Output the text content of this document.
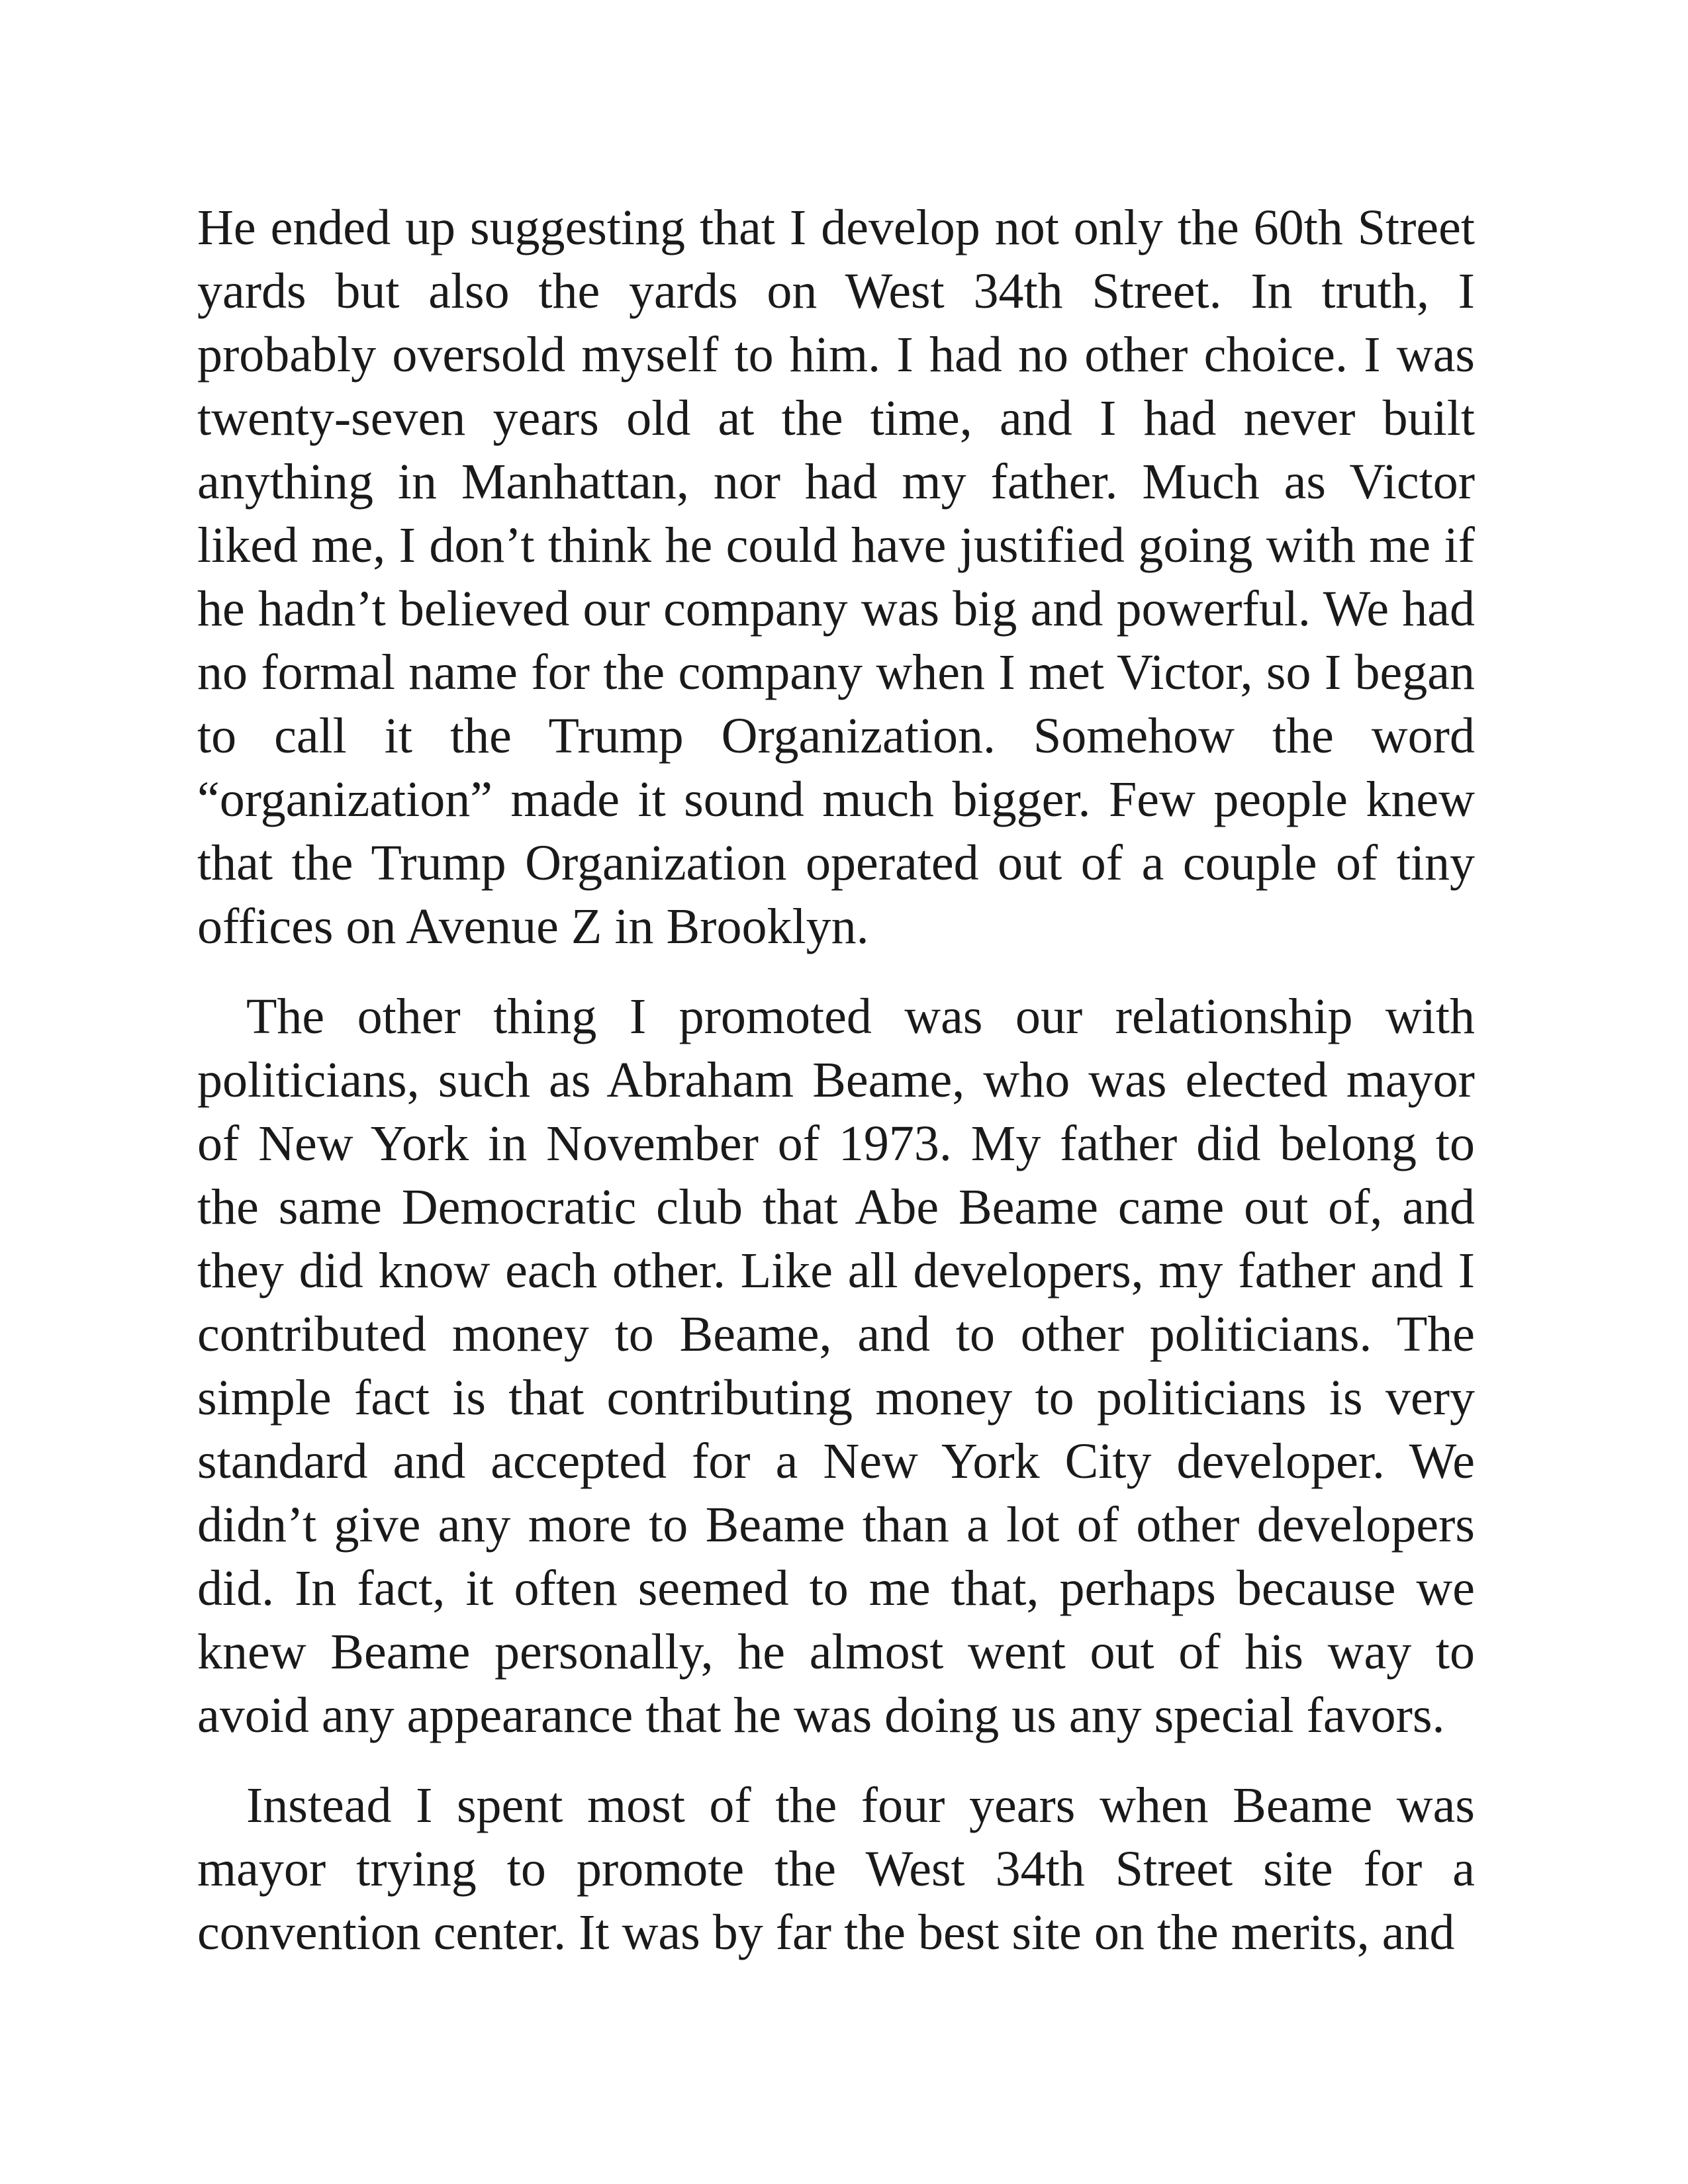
He ended up suggesting that I develop not only the 60th Street yards but also the yards on West 34th Street. In truth, I probably oversold myself to him. I had no other choice. I was twenty-seven years old at the time, and I had never built anything in Manhattan, nor had my father. Much as Victor liked me, I don’t think he could have justified going with me if he hadn’t believed our company was big and powerful. We had no formal name for the company when I met Victor, so I began to call it the Trump Organization. Somehow the word “organization” made it sound much bigger. Few people knew that the Trump Organization operated out of a couple of tiny offices on Avenue Z in Brooklyn.

The other thing I promoted was our relationship with politicians, such as Abraham Beame, who was elected mayor of New York in November of 1973. My father did belong to the same Democratic club that Abe Beame came out of, and they did know each other. Like all developers, my father and I contributed money to Beame, and to other politicians. The simple fact is that contributing money to politicians is very standard and accepted for a New York City developer. We didn’t give any more to Beame than a lot of other developers did. In fact, it often seemed to me that, perhaps because we knew Beame personally, he almost went out of his way to avoid any appearance that he was doing us any special favors.

Instead I spent most of the four years when Beame was mayor trying to promote the West 34th Street site for a convention center. It was by far the best site on the merits, and
